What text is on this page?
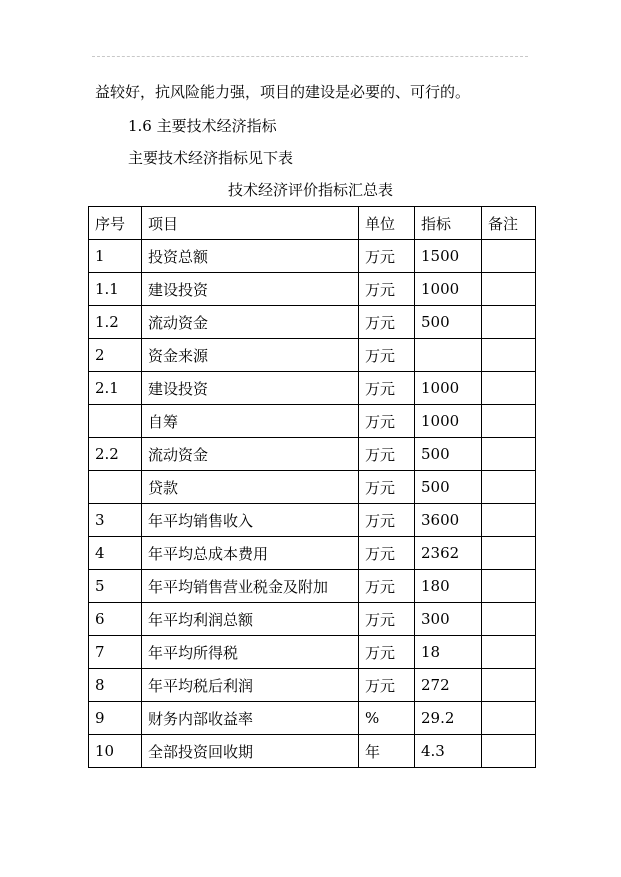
益较好，抗风险能力强，项目的建设是必要的、可行的。
1.6 主要技术经济指标
主要技术经济指标见下表
技术经济评价指标汇总表
序号	项目	单位	指标	备注
1	投资总额	万元	1500	
1.1	建设投资	万元	1000	
1.2	流动资金	万元	500	
2	资金来源	万元		
2.1	建设投资	万元	1000	
	自筹	万元	1000	
2.2	流动资金	万元	500	
	贷款	万元	500	
3	年平均销售收入	万元	3600	
4	年平均总成本费用	万元	2362	
5	年平均销售营业税金及附加	万元	180	
6	年平均利润总额	万元	300	
7	年平均所得税	万元	18	
8	年平均税后利润	万元	272	
9	财务内部收益率	%	29.2	
10	全部投资回收期	年	4.3	
